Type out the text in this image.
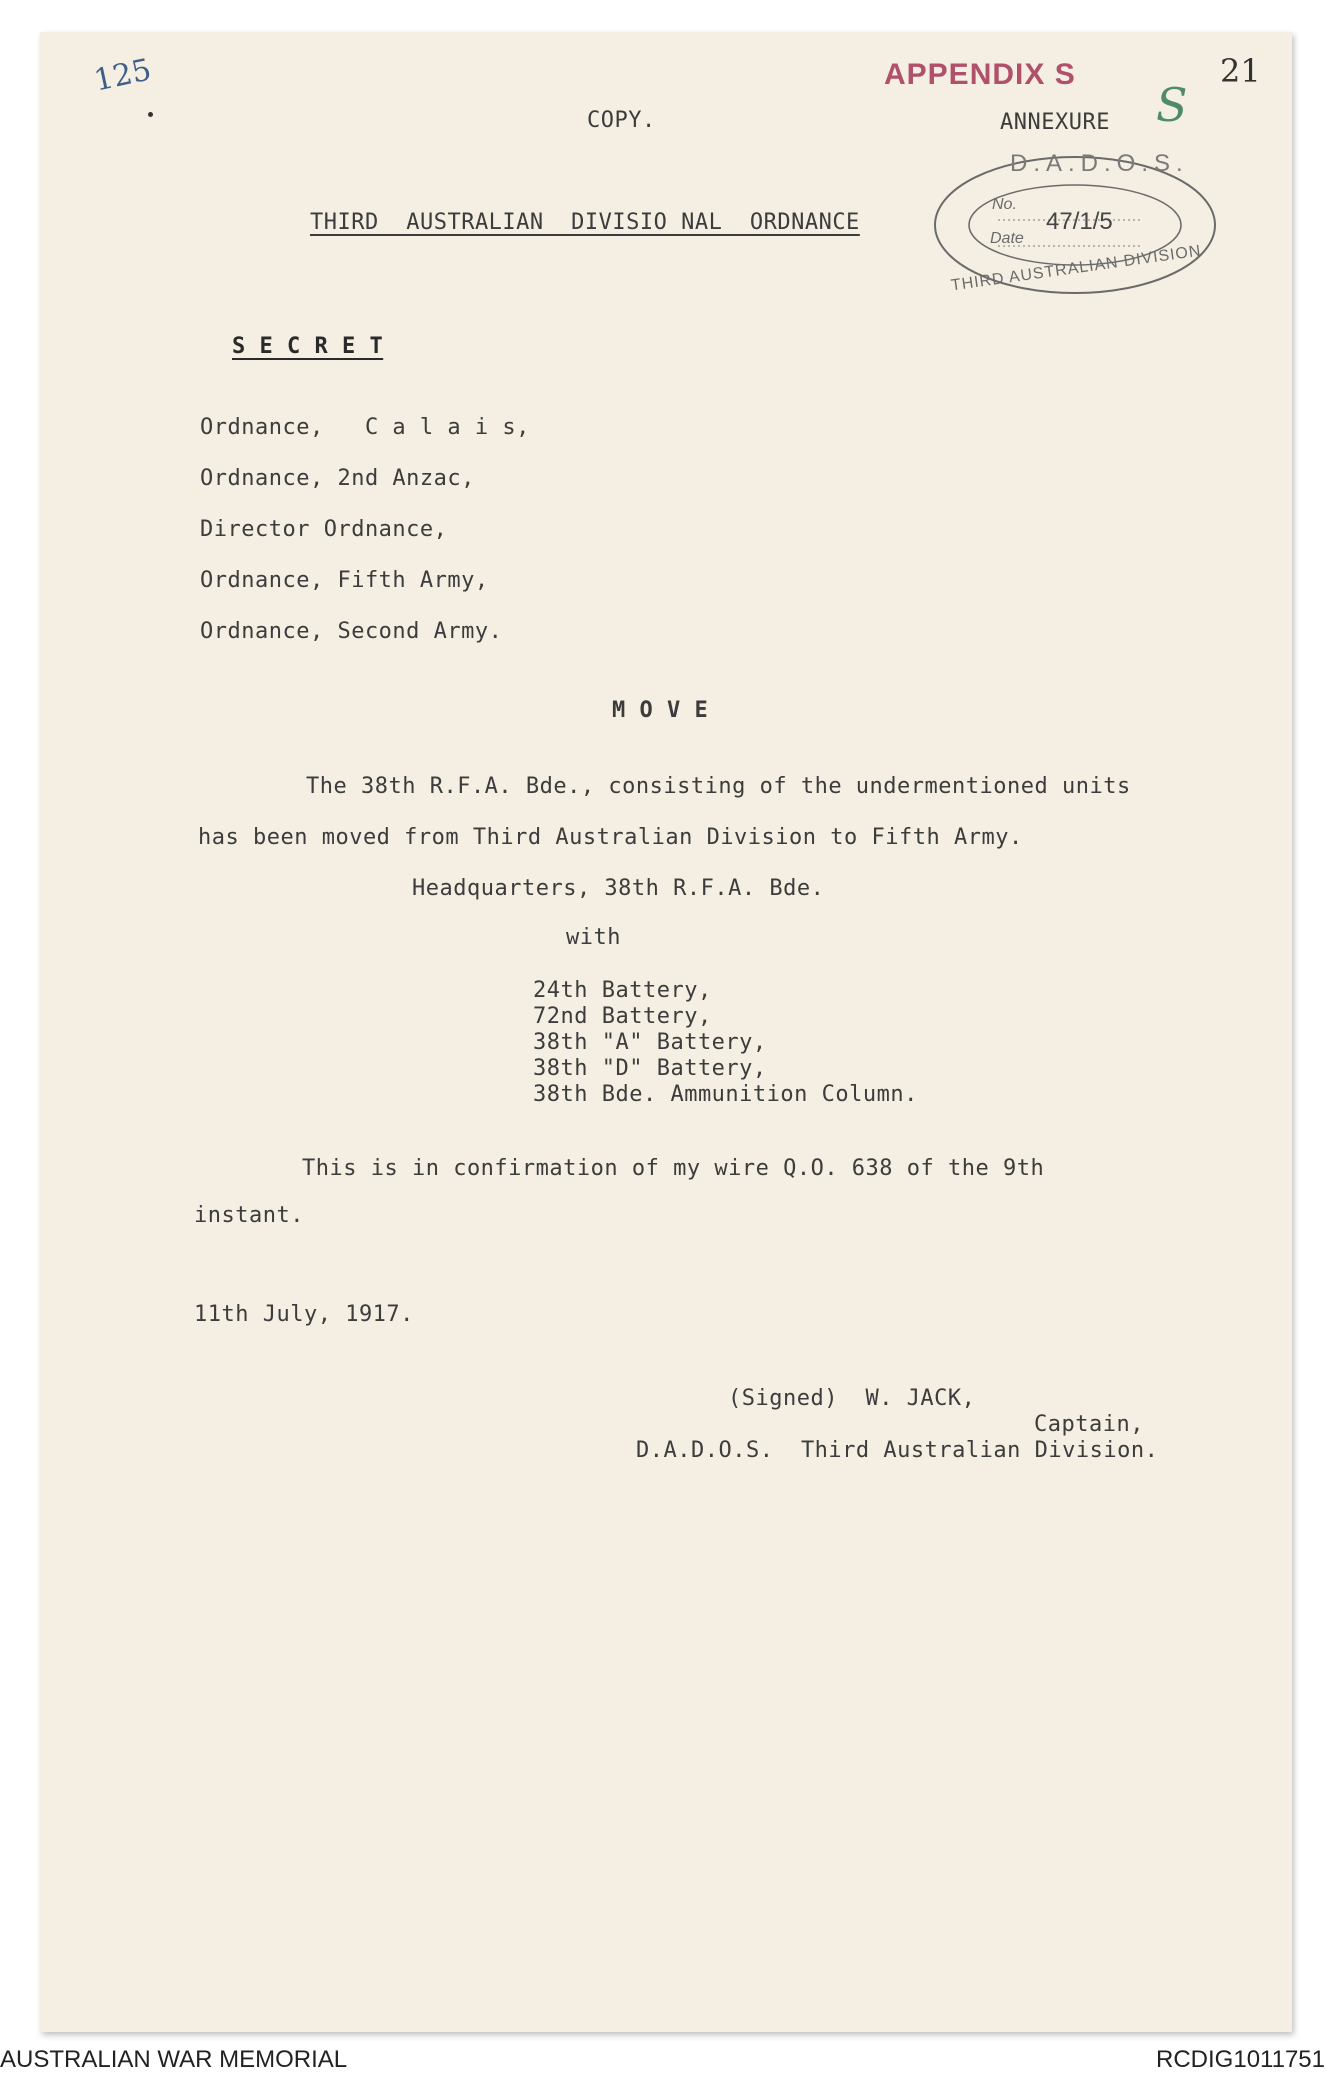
125	21
APPENDIX S
S
COPY.	ANNEXURE
THIRD  AUSTRALIAN  DIVISIO NAL  ORDNANCE
D.A.D.O.S.
No.
47/1/5
Date
THIRD AUSTRALIAN DIVISION
S E C R E T
Ordnance,   C a l a i s,
Ordnance, 2nd Anzac,
Director Ordnance,
Ordnance, Fifth Army,
Ordnance, Second Army.
M O V E
The 38th R.F.A. Bde., consisting of the undermentioned units
has been moved from Third Australian Division to Fifth Army.
Headquarters, 38th R.F.A. Bde.
with
24th Battery,
72nd Battery,
38th "A" Battery,
38th "D" Battery,
38th Bde. Ammunition Column.
This is in confirmation of my wire Q.O. 638 of the 9th
instant.
11th July, 1917.
(Signed)  W. JACK,
Captain,
D.A.D.O.S.  Third Australian Division.
AUSTRALIAN WAR MEMORIAL	RCDIG1011751
